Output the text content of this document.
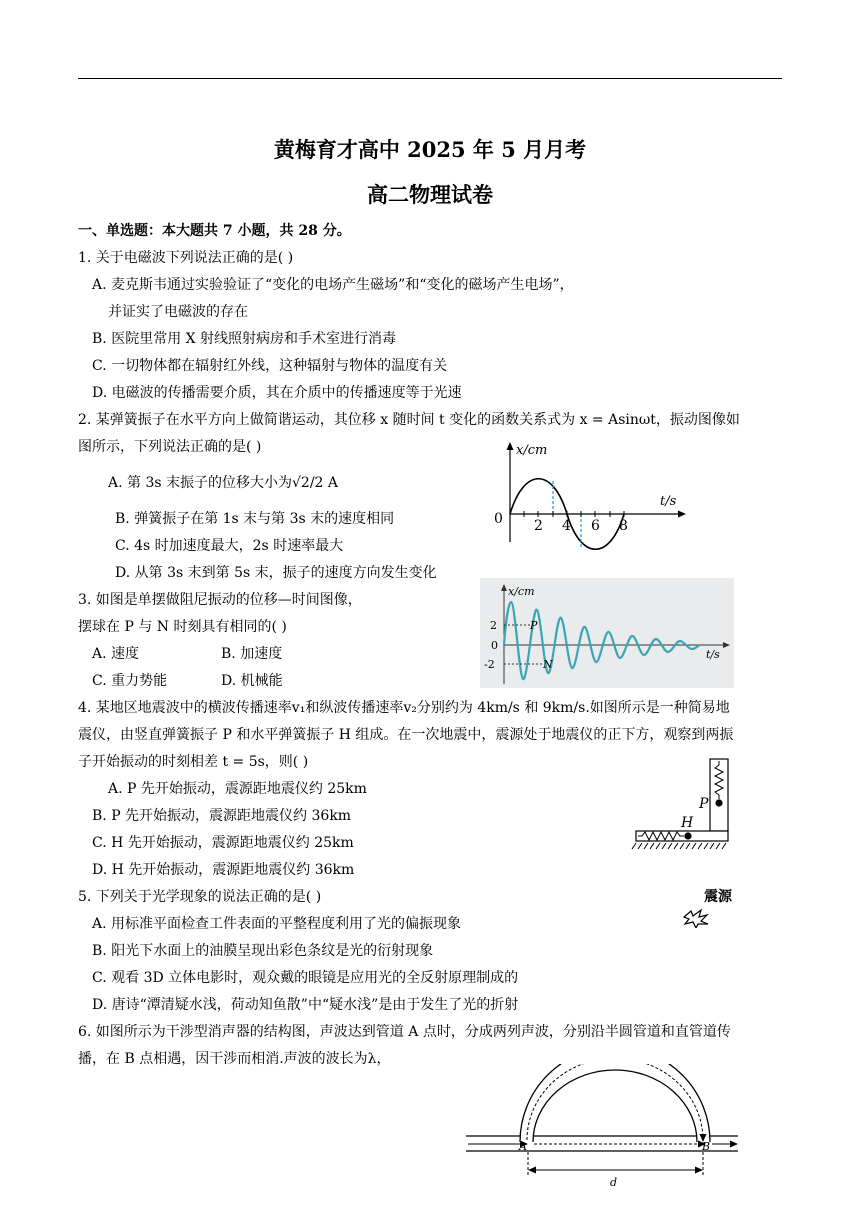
黄梅育才高中 2025 年 5 月月考
高二物理试卷
一、单选题：本大题共 7 小题，共 28 分。
1. 关于电磁波下列说法正确的是( )
A. 麦克斯韦通过实验验证了“变化的电场产生磁场”和“变化的磁场产生电场”，
并证实了电磁波的存在
B. 医院里常用 X 射线照射病房和手术室进行消毒
C. 一切物体都在辐射红外线，这种辐射与物体的温度有关
D. 电磁波的传播需要介质，其在介质中的传播速度等于光速
2. 某弹簧振子在水平方向上做简谐运动，其位移 x 随时间 t 变化的函数关系式为 x = Asinωt，振动图像如
图所示，下列说法正确的是( )
A. 第 3s 末振子的位移大小为√2/2 A
B. 弹簧振子在第 1s 末与第 3s 末的速度相同
C. 4s 时加速度最大，2s 时速率最大
D. 从第 3s 末到第 5s 末，振子的速度方向发生变化
x/cm
t/s
0 2 4 6 8
3. 如图是单摆做阻尼振动的位移—时间图像，
摆球在 P 与 N 时刻具有相同的( )
A. 速度	B. 加速度
C. 重力势能	D. 机械能
x/cm
t/s
2
0
-2
P
N
4. 某地区地震波中的横波传播速率v₁和纵波传播速率v₂分别约为 4km/s 和 9km/s.如图所示是一种简易地
震仪，由竖直弹簧振子 P 和水平弹簧振子 H 组成。在一次地震中，震源处于地震仪的正下方，观察到两振
子开始振动的时刻相差 t = 5s，则( )
A. P 先开始振动，震源距地震仪约 25km
B. P 先开始振动，震源距地震仪约 36km
C. H 先开始振动，震源距地震仪约 25km
D. H 先开始振动，震源距地震仪约 36km
P
H
震源
5. 下列关于光学现象的说法正确的是( )
A. 用标准平面检查工件表面的平整程度利用了光的偏振现象
B. 阳光下水面上的油膜呈现出彩色条纹是光的衍射现象
C. 观看 3D 立体电影时，观众戴的眼镜是应用光的全反射原理制成的
D. 唐诗“潭清疑水浅，荷动知鱼散”中“疑水浅”是由于发生了光的折射
6. 如图所示为干涉型消声器的结构图，声波达到管道 A 点时，分成两列声波，分别沿半圆管道和直管道传
播，在 B 点相遇，因干涉而相消.声波的波长为λ，
A	B
d
